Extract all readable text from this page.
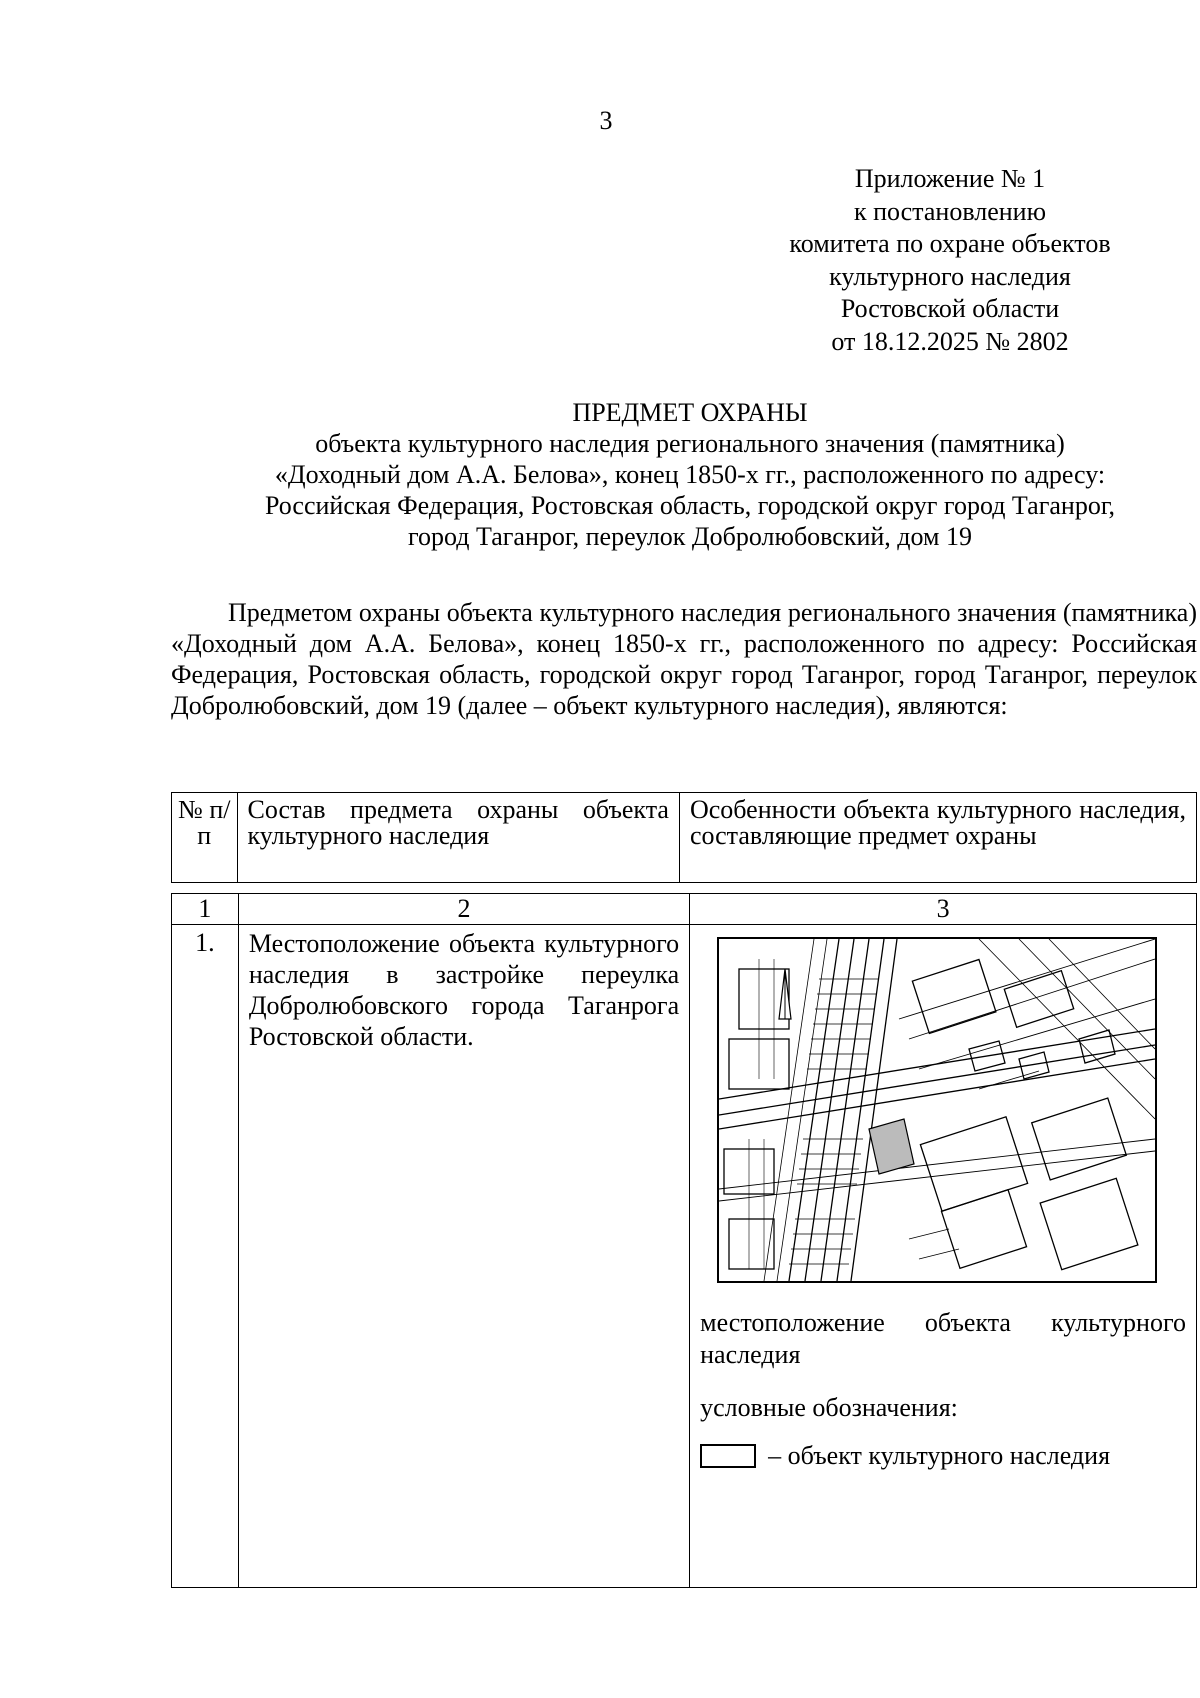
3
Приложение № 1
к постановлению
комитета по охране объектов
культурного наследия
Ростовской области
от 18.12.2025 № 2802
ПРЕДМЕТ ОХРАНЫ
объекта культурного наследия регионального значения (памятника)
«Доходный дом А.А. Белова», конец 1850-х гг., расположенного по адресу:
Российская Федерация, Ростовская область, городской округ город Таганрог,
город Таганрог, переулок Добролюбовский, дом 19
Предметом охраны объекта культурного наследия регионального значения (памятника) «Доходный дом А.А. Белова», конец 1850-х гг., расположенного по адресу: Российская Федерация, Ростовская область, городской округ город Таганрог, город Таганрог, переулок Добролюбовский, дом 19 (далее – объект культурного наследия), являются:
№ п/п	Состав предмета охраны объекта культурного наследия	Особенности объекта культурного наследия, составляющие предмет охраны
1	2	3
1.	Местоположение объекта культурного наследия в застройке переулка Добролюбовского города Таганрога Ростовской области.	местоположение объекта культурного наследия
условные обозначения:
– объект культурного наследия
